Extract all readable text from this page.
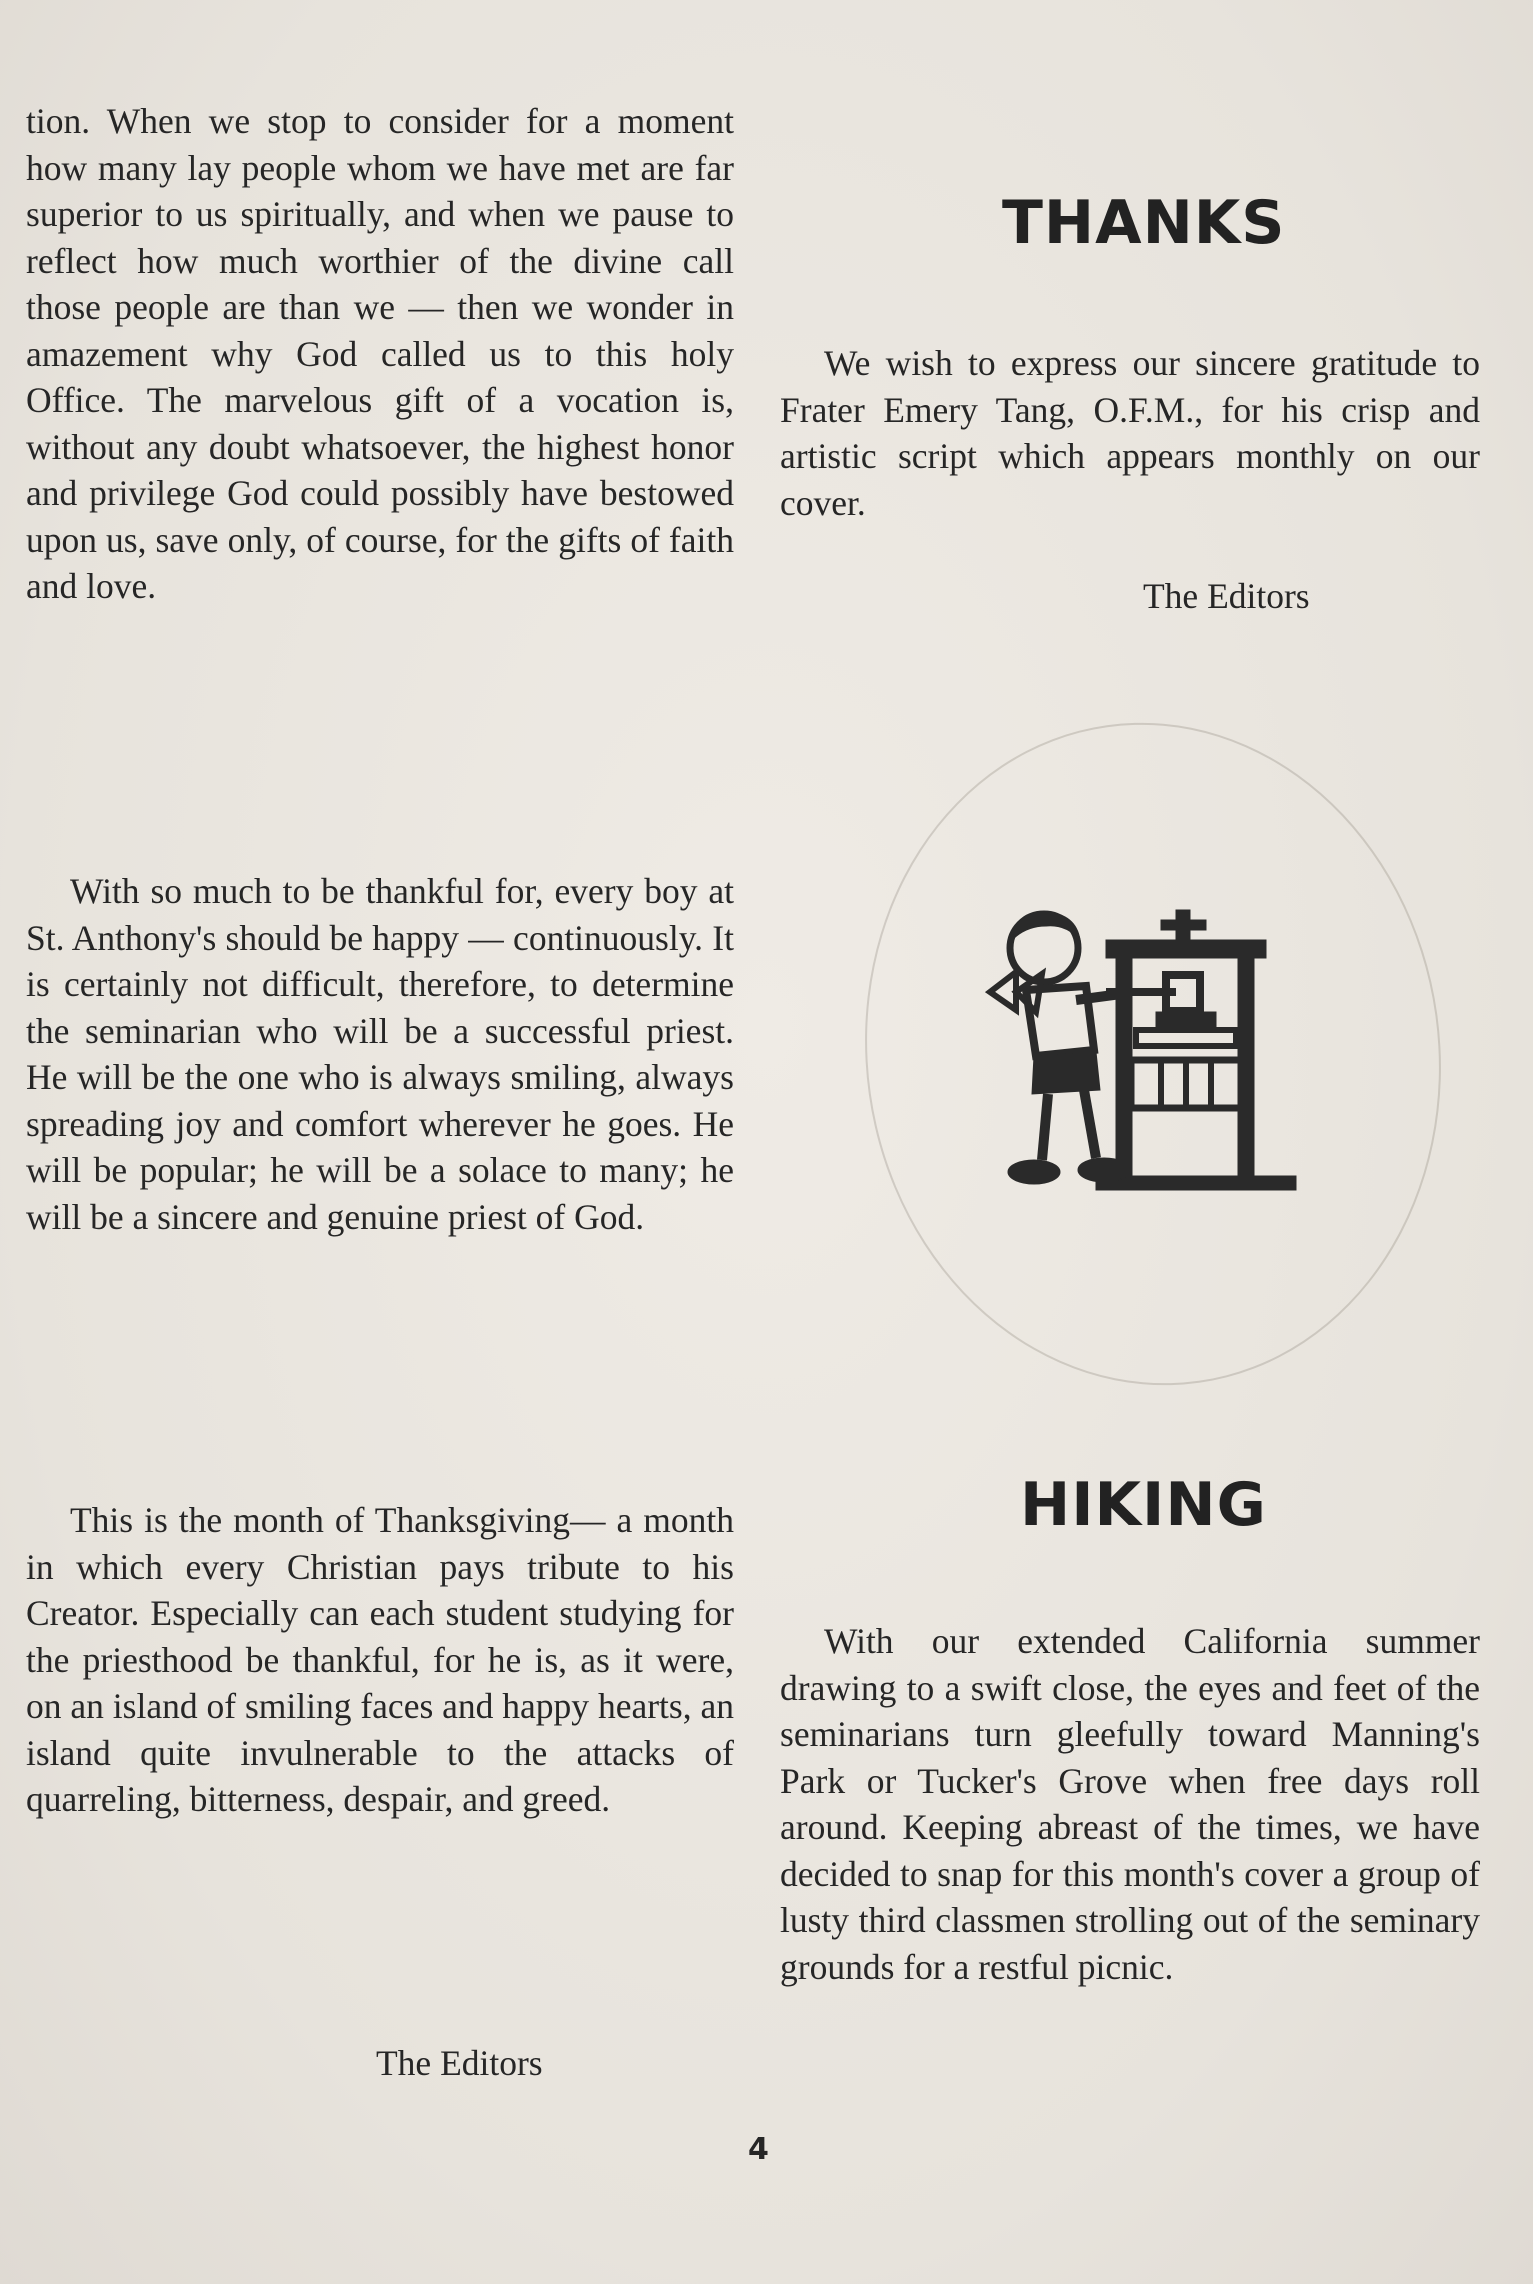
tion. When we stop to consider for a moment how many lay people whom we have met are far superior to us spiritually, and when we pause to reflect how much worthier of the divine call those people are than we — then we wonder in amazement why God called us to this holy Office. The marvelous gift of a vocation is, without any doubt whatsoever, the highest honor and privilege God could possibly have bestowed upon us, save only, of course, for the gifts of faith and love.

With so much to be thankful for, every boy at St. Anthony's should be happy — continuously. It is certainly not difficult, therefore, to determine the seminarian who will be a successful priest. He will be the one who is always smiling, always spreading joy and comfort wherever he goes. He will be popular; he will be a solace to many; he will be a sincere and genuine priest of God.

This is the month of Thanksgiving— a month in which every Christian pays tribute to his Creator. Especially can each student studying for the priesthood be thankful, for he is, as it were, on an island of smiling faces and happy hearts, an island quite invulnerable to the attacks of quarreling, bitterness, despair, and greed.

The Editors
THANKS

We wish to express our sincere gratitude to Frater Emery Tang, O.F.M., for his crisp and artistic script which appears monthly on our cover.

The Editors
HIKING

With our extended California summer drawing to a swift close, the eyes and feet of the seminarians turn gleefully toward Manning's Park or Tucker's Grove when free days roll around. Keeping abreast of the times, we have decided to snap for this month's cover a group of lusty third classmen strolling out of the seminary grounds for a restful picnic.

4
